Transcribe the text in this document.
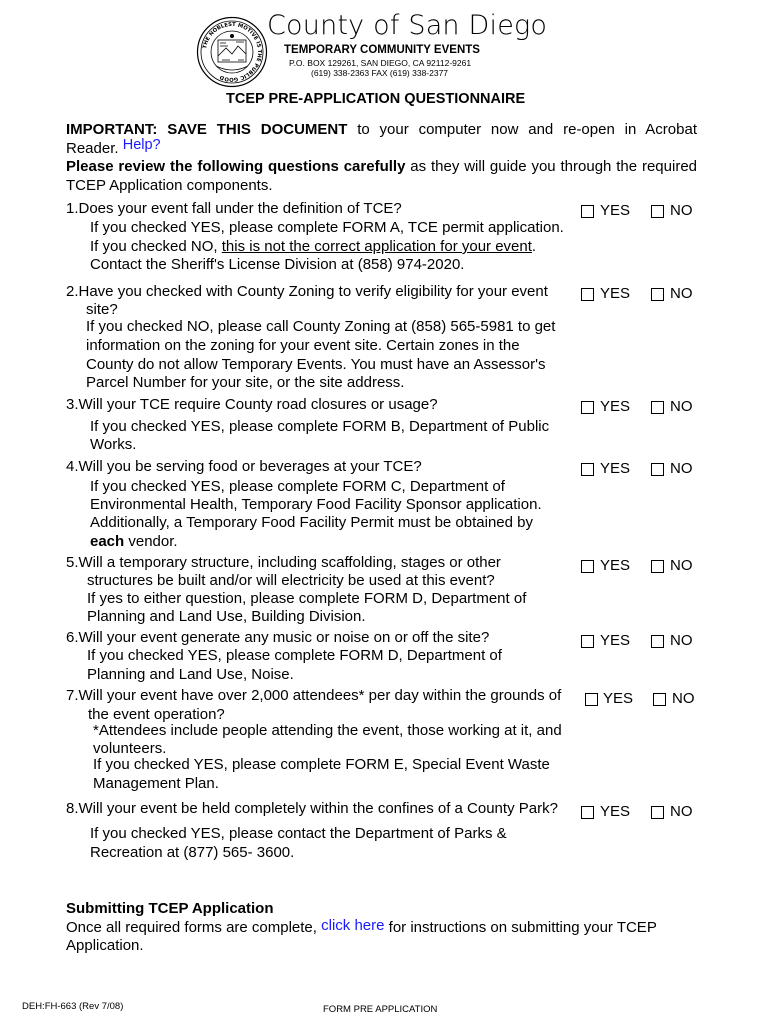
THE NOBLEST MOTIVE IS THE PUBLIC GOOD
County of San Diego
TEMPORARY COMMUNITY EVENTS
P.O. BOX 129261, SAN DIEGO, CA 92112-9261
(619) 338-2363 FAX (619) 338-2377
TCEP PRE-APPLICATION QUESTIONNAIRE
IMPORTANT: SAVE THIS DOCUMENT to your computer now and re-open in Acrobat
Reader. Help?
Please review the following questions carefully as they will guide you through the required
TCEP Application components.
1.Does your event fall under the definition of TCE?
If you checked YES, please complete FORM A, TCE permit application.
If you checked NO, this is not the correct application for your event.
Contact the Sheriff's License Division at (858) 974-2020.
YES	NO
2.Have you checked with County Zoning to verify eligibility for your event
site?
If you checked NO, please call County Zoning at (858) 565-5981 to get
information on the zoning for your event site. Certain zones in the
County do not allow Temporary Events. You must have an Assessor's
Parcel Number for your site, or the site address.
YES	NO
3.Will your TCE require County road closures or usage?
If you checked YES, please complete FORM B, Department of Public
Works.
YES	NO
4.Will you be serving food or beverages at your TCE?
If you checked YES, please complete FORM C, Department of
Environmental Health, Temporary Food Facility Sponsor application.
Additionally, a Temporary Food Facility Permit must be obtained by
each vendor.
YES	NO
5.Will a temporary structure, including scaffolding, stages or other
structures be built and/or will electricity be used at this event?
If yes to either question, please complete FORM D, Department of
Planning and Land Use, Building Division.
YES	NO
6.Will your event generate any music or noise on or off the site?
If you checked YES, please complete FORM D, Department of
Planning and Land Use, Noise.
YES	NO
7.Will your event have over 2,000 attendees* per day within the grounds of
the event operation?
*Attendees include people attending the event, those working at it, and
volunteers.
If you checked YES, please complete FORM E, Special Event Waste
Management Plan.
YES	NO
8.Will your event be held completely within the confines of a County Park?
If you checked YES, please contact the Department of Parks &
Recreation at (877) 565- 3600.
YES	NO
Submitting TCEP Application
Once all required forms are complete, click here for instructions on submitting your TCEP
Application.
DEH:FH-663 (Rev 7/08)	FORM PRE APPLICATION
